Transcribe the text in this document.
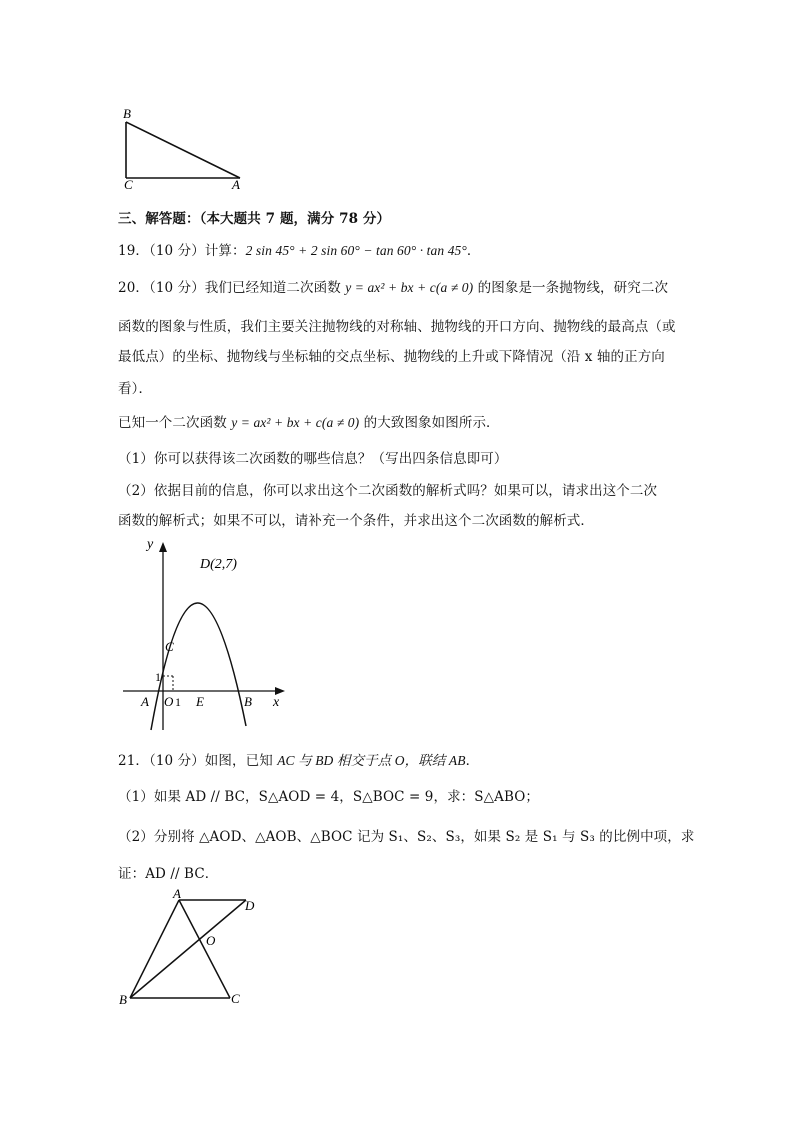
B
C	A
三、解答题：（本大题共 7 题，满分 78 分）
19．（10 分）计算：2 sin 45° + 2 sin 60° − tan 60° · tan 45°．
20．（10 分）我们已经知道二次函数 y = ax² + bx + c(a ≠ 0) 的图象是一条抛物线，研究二次
函数的图象与性质，我们主要关注抛物线的对称轴、抛物线的开口方向、抛物线的最高点（或
最低点）的坐标、抛物线与坐标轴的交点坐标、抛物线的上升或下降情况（沿 x 轴的正方向
看）．
已知一个二次函数 y = ax² + bx + c(a ≠ 0) 的大致图象如图所示．
（1）你可以获得该二次函数的哪些信息？（写出四条信息即可）
（2）依据目前的信息，你可以求出这个二次函数的解析式吗？如果可以，请求出这个二次
函数的解析式；如果不可以，请补充一个条件，并求出这个二次函数的解析式．
y
x
D(2,7)
C
1
A O 1 E	B
21．（10 分）如图，已知 AC 与 BD 相交于点 O，联结 AB．
（1）如果 AD // BC，S△AOD = 4，S△BOC = 9，求：S△ABO；
（2）分别将 △AOD、△AOB、△BOC 记为 S₁、S₂、S₃，如果 S₂ 是 S₁ 与 S₃ 的比例中项，求
证：AD // BC．
A
D
O
B	C
